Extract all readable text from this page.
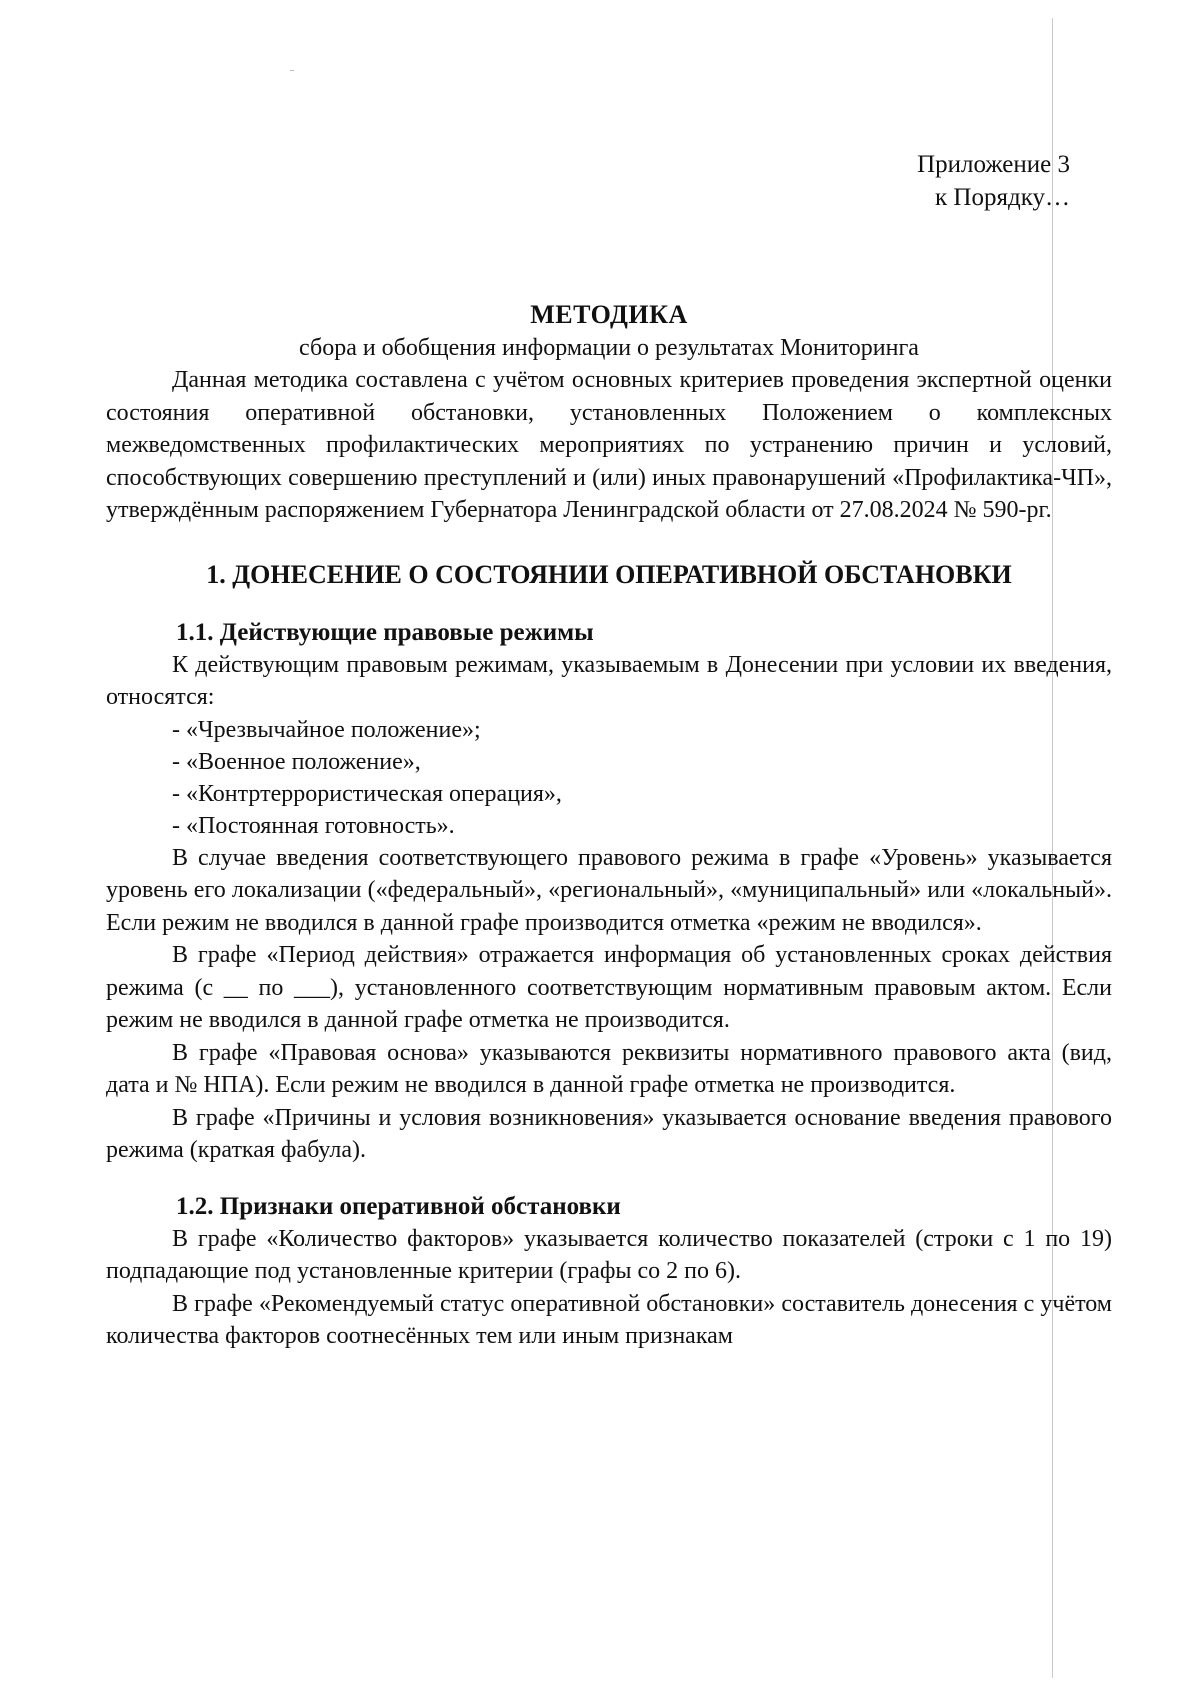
Приложение 3
к Порядку…
МЕТОДИКА
сбора и обобщения информации о результатах Мониторинга

Данная методика составлена с учётом основных критериев проведения экспертной оценки состояния оперативной обстановки, установленных Положением о комплексных межведомственных профилактических мероприятиях по устранению причин и условий, способствующих совершению преступлений и (или) иных правонарушений «Профилактика-ЧП», утверждённым распоряжением Губернатора Ленинградской области от 27.08.2024 № 590-рг.

1. ДОНЕСЕНИЕ О СОСТОЯНИИ ОПЕРАТИВНОЙ ОБСТАНОВКИ
1.1. Действующие правовые режимы

К действующим правовым режимам, указываемым в Донесении при условии их введения, относятся:

- «Чрезвычайное положение»;
- «Военное положение»,
- «Контртеррористическая операция»,
- «Постоянная готовность».

В случае введения соответствующего правового режима в графе «Уровень» указывается уровень его локализации («федеральный», «региональный», «муниципальный» или «локальный». Если режим не вводился в данной графе производится отметка «режим не вводился».

В графе «Период действия» отражается информация об установленных сроках действия режима (с __ по ___), установленного соответствующим нормативным правовым актом. Если режим не вводился в данной графе отметка не производится.

В графе «Правовая основа» указываются реквизиты нормативного правового акта (вид, дата и № НПА). Если режим не вводился в данной графе отметка не производится.

В графе «Причины и условия возникновения» указывается основание введения правового режима (краткая фабула).

1.2. Признаки оперативной обстановки

В графе «Количество факторов» указывается количество показателей (строки с 1 по 19) подпадающие под установленные критерии (графы со 2 по 6).

В графе «Рекомендуемый статус оперативной обстановки» составитель донесения с учётом количества факторов соотнесённых тем или иным признакам
